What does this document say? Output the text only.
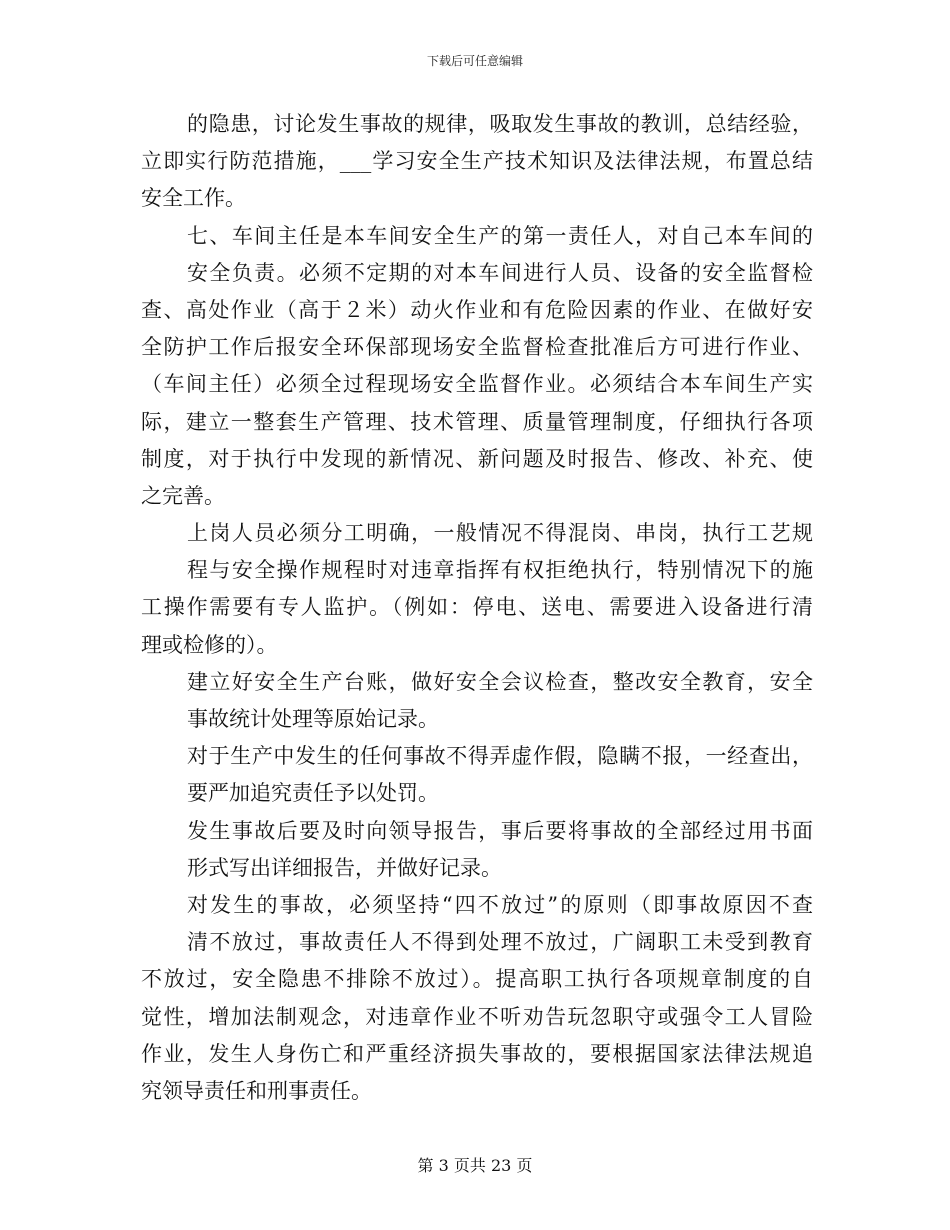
下载后可任意编辑
的隐患，讨论发生事故的规律，吸取发生事故的教训，总结经验，
立即实行防范措施，___学习安全生产技术知识及法律法规，布置总结
安全工作。
七、车间主任是本车间安全生产的第一责任人，对自己本车间的
安全负责。必须不定期的对本车间进行人员、设备的安全监督检
查、高处作业（高于２米）动火作业和有危险因素的作业、在做好安
全防护工作后报安全环保部现场安全监督检查批准后方可进行作业、
（车间主任）必须全过程现场安全监督作业。必须结合本车间生产实
际，建立一整套生产管理、技术管理、质量管理制度，仔细执行各项
制度，对于执行中发现的新情况、新问题及时报告、修改、补充、使
之完善。
上岗人员必须分工明确，一般情况不得混岗、串岗，执行工艺规
程与安全操作规程时对违章指挥有权拒绝执行，特别情况下的施
工操作需要有专人监护。（例如：停电、送电、需要进入设备进行清
理或检修的）。
建立好安全生产台账，做好安全会议检查，整改安全教育，安全
事故统计处理等原始记录。
对于生产中发生的任何事故不得弄虚作假，隐瞒不报，一经查出，
要严加追究责任予以处罚。
发生事故后要及时向领导报告，事后要将事故的全部经过用书面
形式写出详细报告，并做好记录。
对发生的事故，必须坚持“四不放过”的原则（即事故原因不查
清不放过，事故责任人不得到处理不放过，广阔职工未受到教育
不放过，安全隐患不排除不放过）。提高职工执行各项规章制度的自
觉性，增加法制观念，对违章作业不听劝告玩忽职守或强令工人冒险
作业，发生人身伤亡和严重经济损失事故的，要根据国家法律法规追
究领导责任和刑事责任。
第 3 页共 23 页
